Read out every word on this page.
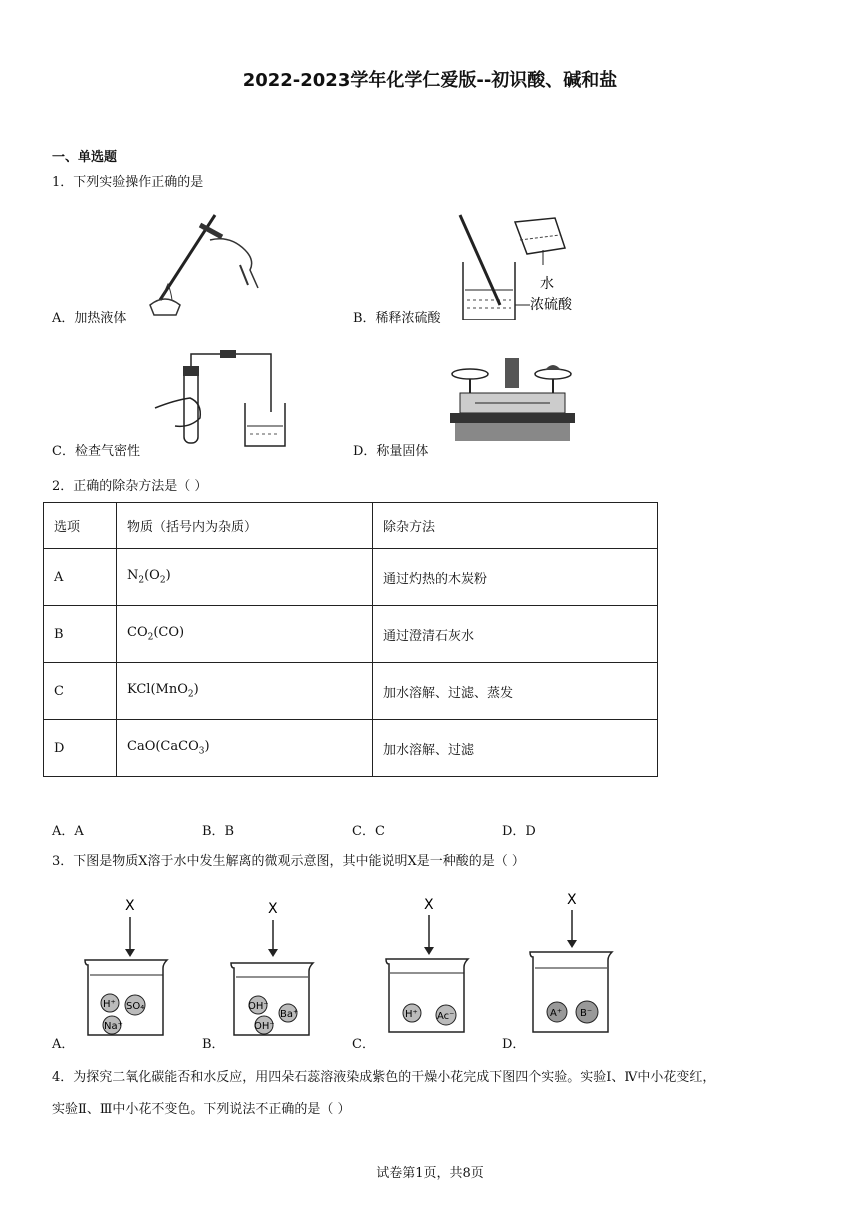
2022-2023学年化学仁爱版--初识酸、碱和盐
一、单选题
1．下列实验操作正确的是
A．加热液体
水
浓硫酸
B．稀释浓硫酸
C．检查气密性	D．称量固体
2．正确的除杂方法是（ ）
选项	物质（括号内为杂质）	除杂方法
A	$N_2(O_2)$	通过灼热的木炭粉
B	$CO_2(CO)$	通过澄清石灰水
C	KCl(MnO$_2$)	加水溶解、过滤、蒸发
D	CaO(CaCO$_3$)	加水溶解、过滤
A．A	B．B	C．C	D．D
3．下图是物质X溶于水中发生解离的微观示意图，其中能说明X是一种酸的是（ ）
X
H⁺ SO₄
Na⁺
A．
X
OH⁻
Ba⁺
OH⁻
B．
X
H⁺ Ac⁻
C．
X
A⁺ B⁻
D．
4．为探究二氧化碳能否和水反应，用四朵石蕊溶液染成紫色的干燥小花完成下图四个实验。实验Ⅰ、Ⅳ中小花变红，
实验Ⅱ、Ⅲ中小花不变色。下列说法不正确的是（ ）
试卷第1页，共8页
